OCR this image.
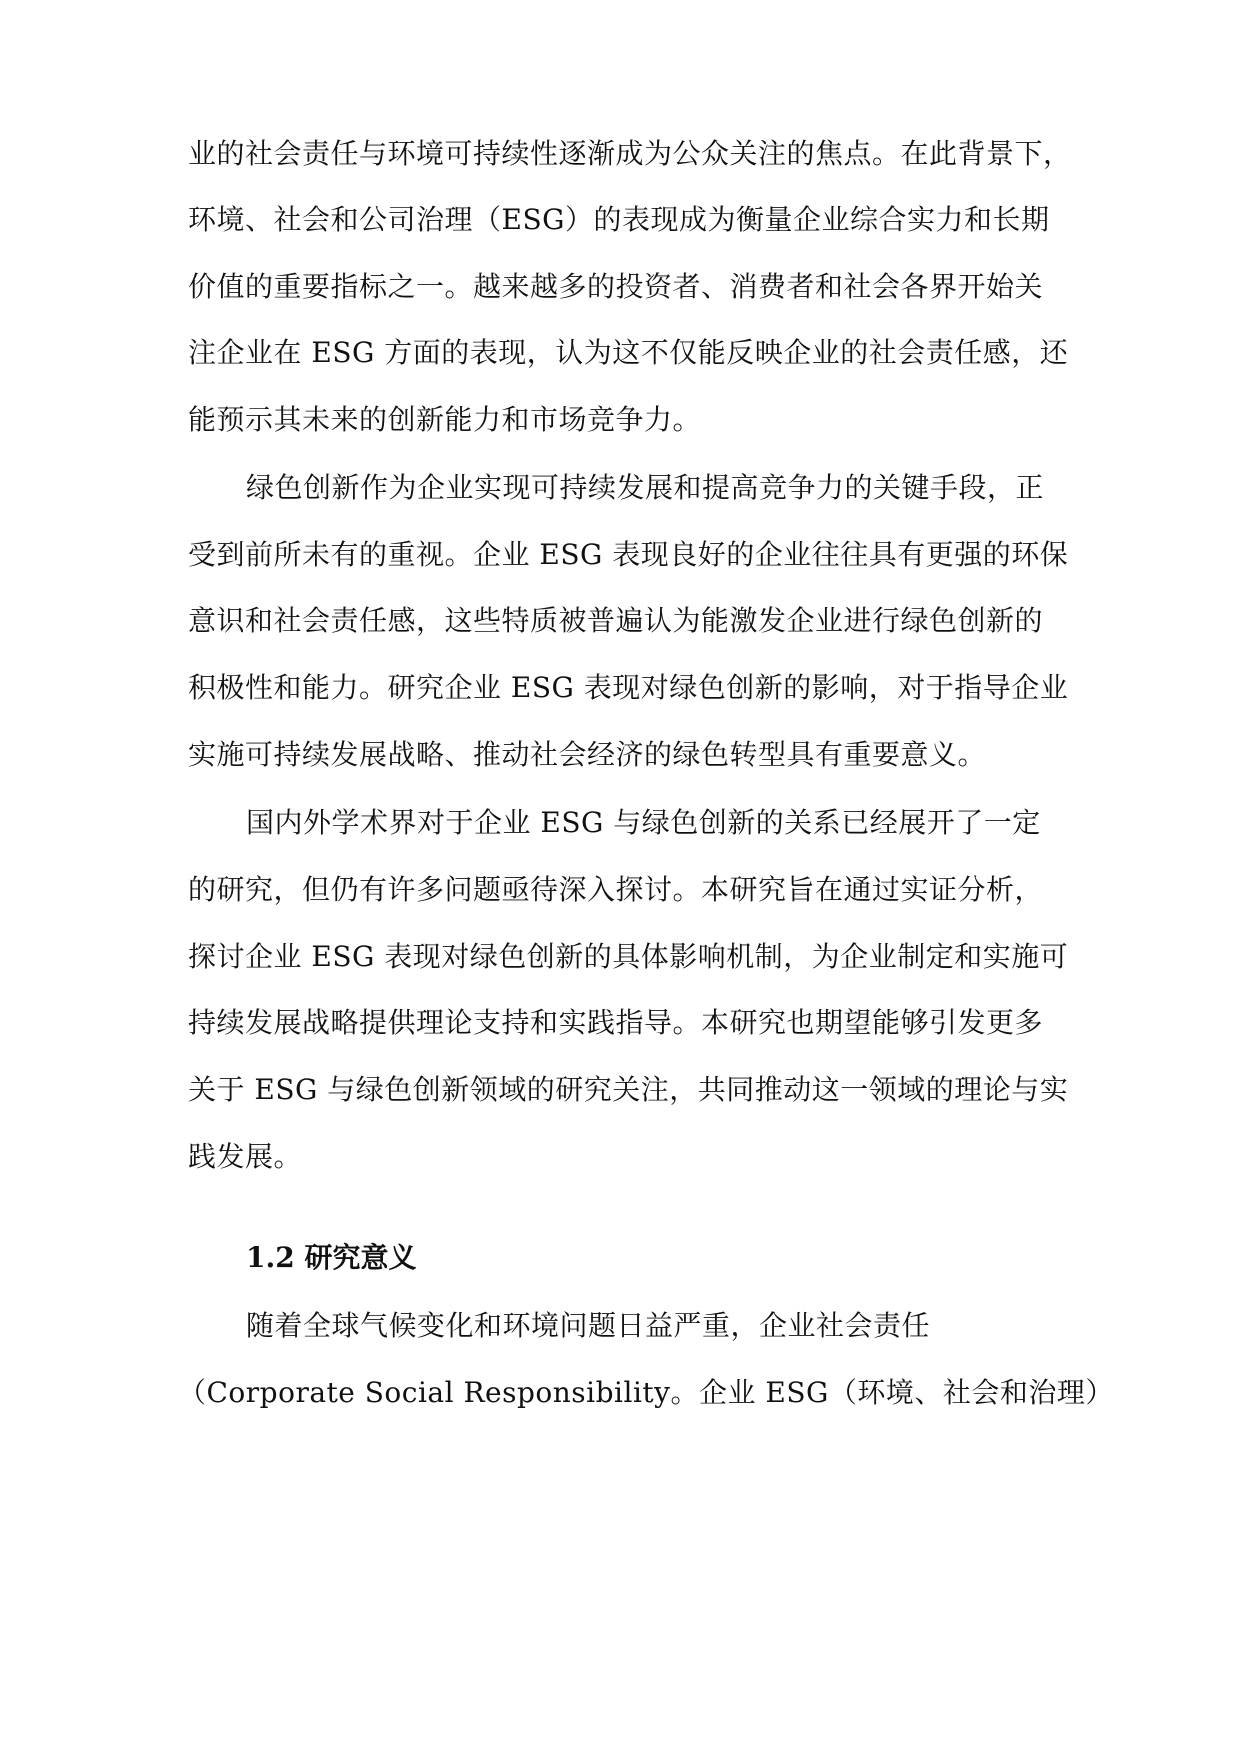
业的社会责任与环境可持续性逐渐成为公众关注的焦点。在此背景下，
环境、社会和公司治理（ESG）的表现成为衡量企业综合实力和长期
价值的重要指标之一。越来越多的投资者、消费者和社会各界开始关
注企业在 ESG 方面的表现，认为这不仅能反映企业的社会责任感，还
能预示其未来的创新能力和市场竞争力。
绿色创新作为企业实现可持续发展和提高竞争力的关键手段，正
受到前所未有的重视。企业 ESG 表现良好的企业往往具有更强的环保
意识和社会责任感，这些特质被普遍认为能激发企业进行绿色创新的
积极性和能力。研究企业 ESG 表现对绿色创新的影响，对于指导企业
实施可持续发展战略、推动社会经济的绿色转型具有重要意义。
国内外学术界对于企业 ESG 与绿色创新的关系已经展开了一定
的研究，但仍有许多问题亟待深入探讨。本研究旨在通过实证分析，
探讨企业 ESG 表现对绿色创新的具体影响机制，为企业制定和实施可
持续发展战略提供理论支持和实践指导。本研究也期望能够引发更多
关于 ESG 与绿色创新领域的研究关注，共同推动这一领域的理论与实
践发展。
1.2 研究意义
随着全球气候变化和环境问题日益严重，企业社会责任
（Corporate Social Responsibility。企业 ESG（环境、社会和治理）
